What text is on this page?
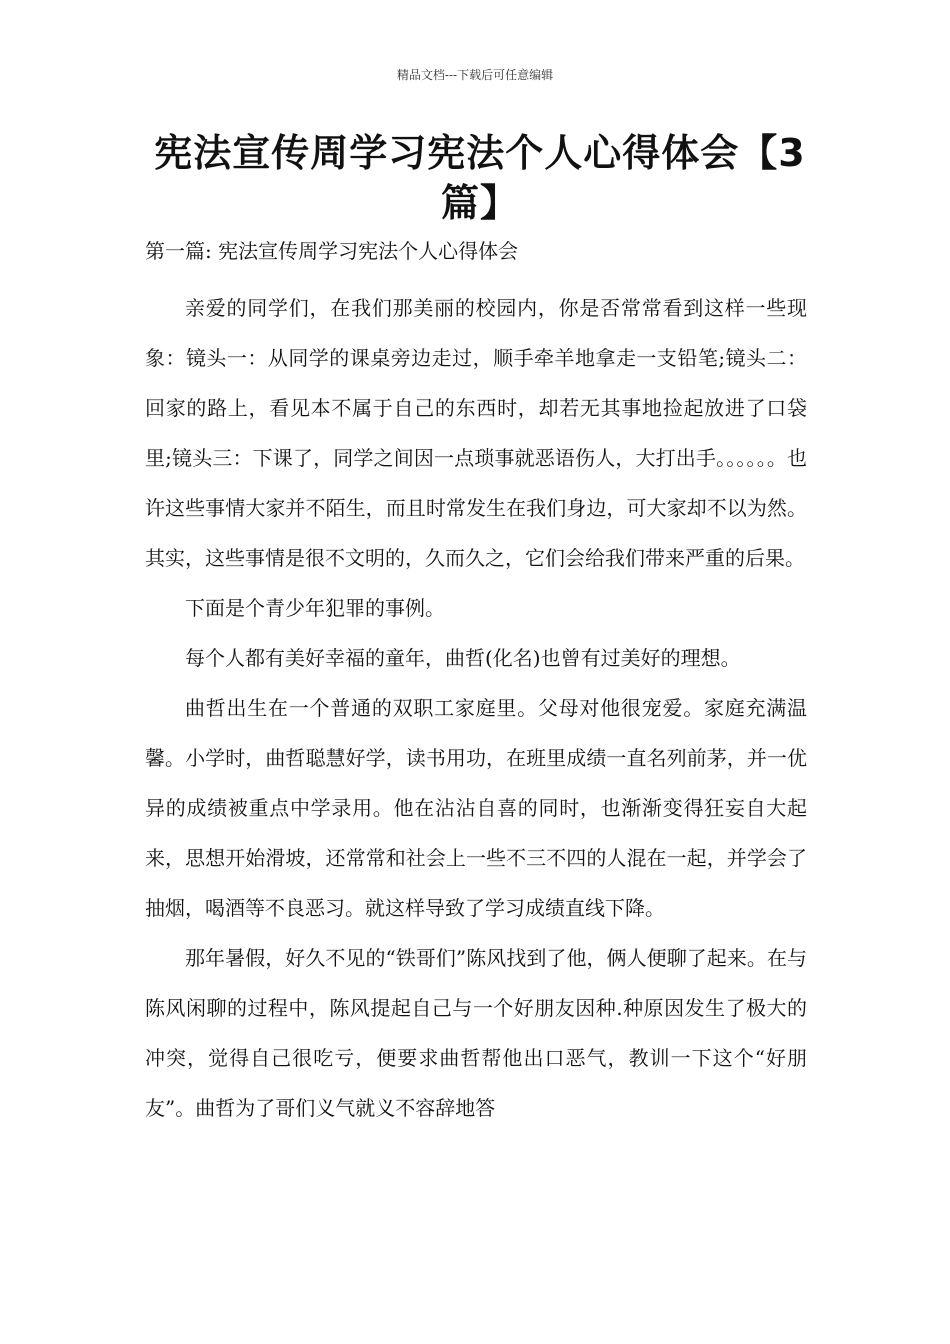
精品文档---下载后可任意编辑
宪法宣传周学习宪法个人心得体会【3篇】
第一篇: 宪法宣传周学习宪法个人心得体会

亲爱的同学们，在我们那美丽的校园内，你是否常常看到这样一些现象：镜头一：从同学的课桌旁边走过，顺手牵羊地拿走一支铅笔;镜头二：回家的路上，看见本不属于自己的东西时，却若无其事地捡起放进了口袋里;镜头三：下课了，同学之间因一点琐事就恶语伤人，大打出手。。。。。。也许这些事情大家并不陌生，而且时常发生在我们身边，可大家却不以为然。其实，这些事情是很不文明的，久而久之，它们会给我们带来严重的后果。

下面是个青少年犯罪的事例。

每个人都有美好幸福的童年，曲哲(化名)也曾有过美好的理想。

曲哲出生在一个普通的双职工家庭里。父母对他很宠爱。家庭充满温馨。小学时，曲哲聪慧好学，读书用功，在班里成绩一直名列前茅，并一优异的成绩被重点中学录用。他在沾沾自喜的同时，也渐渐变得狂妄自大起来，思想开始滑坡，还常常和社会上一些不三不四的人混在一起，并学会了抽烟，喝酒等不良恶习。就这样导致了学习成绩直线下降。

那年暑假，好久不见的“铁哥们”陈风找到了他，俩人便聊了起来。在与陈风闲聊的过程中，陈风提起自己与一个好朋友因种.种原因发生了极大的冲突，觉得自己很吃亏，便要求曲哲帮他出口恶气，教训一下这个“好朋友”。曲哲为了哥们义气就义不容辞地答
